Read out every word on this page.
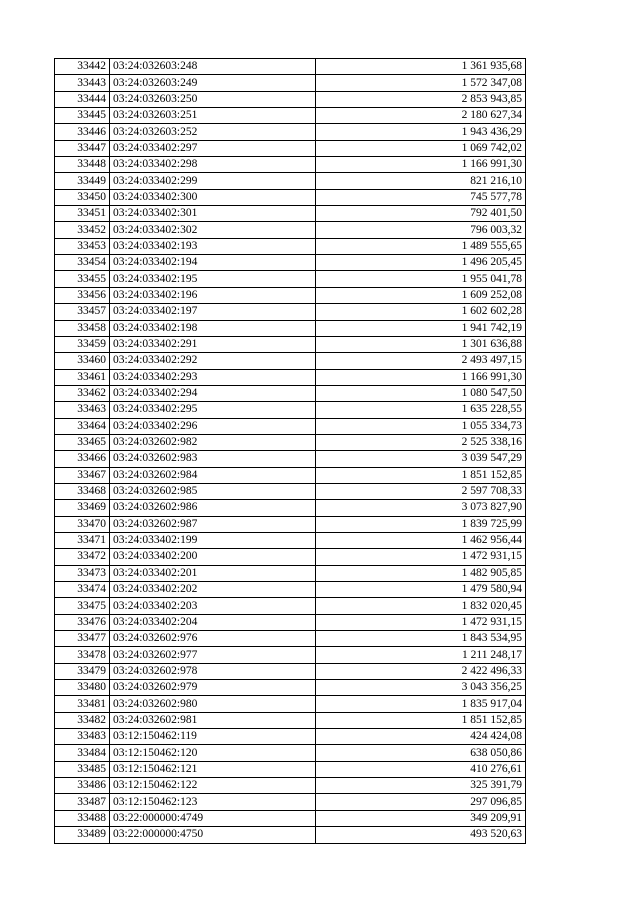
33442	03:24:032603:248	1 361 935,68
33443	03:24:032603:249	1 572 347,08
33444	03:24:032603:250	2 853 943,85
33445	03:24:032603:251	2 180 627,34
33446	03:24:032603:252	1 943 436,29
33447	03:24:033402:297	1 069 742,02
33448	03:24:033402:298	1 166 991,30
33449	03:24:033402:299	821 216,10
33450	03:24:033402:300	745 577,78
33451	03:24:033402:301	792 401,50
33452	03:24:033402:302	796 003,32
33453	03:24:033402:193	1 489 555,65
33454	03:24:033402:194	1 496 205,45
33455	03:24:033402:195	1 955 041,78
33456	03:24:033402:196	1 609 252,08
33457	03:24:033402:197	1 602 602,28
33458	03:24:033402:198	1 941 742,19
33459	03:24:033402:291	1 301 636,88
33460	03:24:033402:292	2 493 497,15
33461	03:24:033402:293	1 166 991,30
33462	03:24:033402:294	1 080 547,50
33463	03:24:033402:295	1 635 228,55
33464	03:24:033402:296	1 055 334,73
33465	03:24:032602:982	2 525 338,16
33466	03:24:032602:983	3 039 547,29
33467	03:24:032602:984	1 851 152,85
33468	03:24:032602:985	2 597 708,33
33469	03:24:032602:986	3 073 827,90
33470	03:24:032602:987	1 839 725,99
33471	03:24:033402:199	1 462 956,44
33472	03:24:033402:200	1 472 931,15
33473	03:24:033402:201	1 482 905,85
33474	03:24:033402:202	1 479 580,94
33475	03:24:033402:203	1 832 020,45
33476	03:24:033402:204	1 472 931,15
33477	03:24:032602:976	1 843 534,95
33478	03:24:032602:977	1 211 248,17
33479	03:24:032602:978	2 422 496,33
33480	03:24:032602:979	3 043 356,25
33481	03:24:032602:980	1 835 917,04
33482	03:24:032602:981	1 851 152,85
33483	03:12:150462:119	424 424,08
33484	03:12:150462:120	638 050,86
33485	03:12:150462:121	410 276,61
33486	03:12:150462:122	325 391,79
33487	03:12:150462:123	297 096,85
33488	03:22:000000:4749	349 209,91
33489	03:22:000000:4750	493 520,63
